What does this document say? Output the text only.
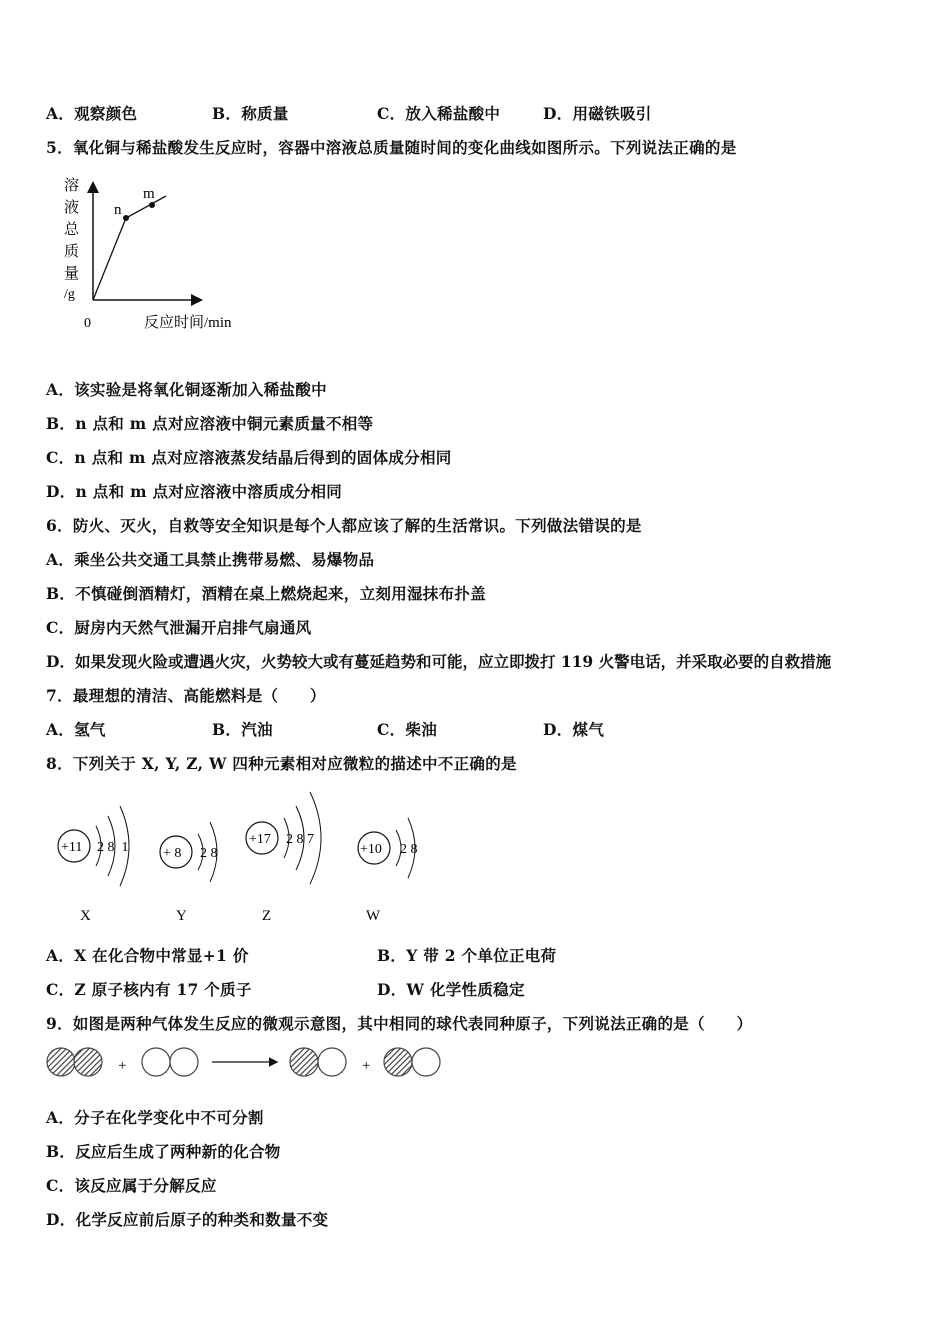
A．观察颜色	B．称质量	C．放入稀盐酸中	D．用磁铁吸引
5．氧化铜与稀盐酸发生反应时，容器中溶液总质量随时间的变化曲线如图所示。下列说法正确的是
n
m
溶
液
总
质
量
/g
0	反应时间/min
A．该实验是将氧化铜逐渐加入稀盐酸中
B．n 点和 m 点对应溶液中铜元素质量不相等
C．n 点和 m 点对应溶液蒸发结晶后得到的固体成分相同
D．n 点和 m 点对应溶液中溶质成分相同
6．防火、灭火，自救等安全知识是每个人都应该了解的生活常识。下列做法错误的是
A．乘坐公共交通工具禁止携带易燃、易爆物品
B．不慎碰倒酒精灯，酒精在桌上燃烧起来，立刻用湿抹布扑盖
C．厨房内天然气泄漏开启排气扇通风
D．如果发现火险或遭遇火灾，火势较大或有蔓延趋势和可能，应立即拨打 119 火警电话，并采取必要的自救措施
7．最理想的清洁、高能燃料是（　　）
A．氢气	B．汽油	C．柴油	D．煤气
8．下列关于 X, Y, Z, W 四种元素相对应微粒的描述中不正确的是
+11 2 8  1
X
+ 8 2 8
Y
+17 2 8 7
Z
+10 2 8
W
A．X 在化合物中常显+1 价	B．Y 带 2 个单位正电荷
C．Z 原子核内有 17 个质子	D．W 化学性质稳定
9．如图是两种气体发生反应的微观示意图，其中相同的球代表同种原子，下列说法正确的是（　　）
+	+
A．分子在化学变化中不可分割
B．反应后生成了两种新的化合物
C．该反应属于分解反应
D．化学反应前后原子的种类和数量不变
